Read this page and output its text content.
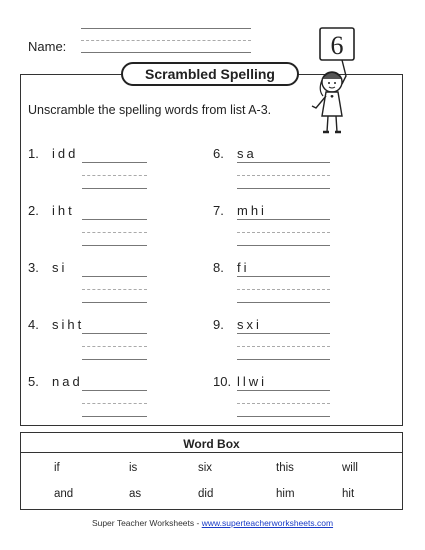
Name:
Scrambled Spelling
6
Unscramble the spelling words from list A-3.
1. idd
2. iht
3. si
4. siht
5. nad
6. sa
7. mhi
8. fi
9. sxi
10. llwi
Word Box
if	is	six	this	will
and	as	did	him	hit
Super Teacher Worksheets - www.superteacherworksheets.com
